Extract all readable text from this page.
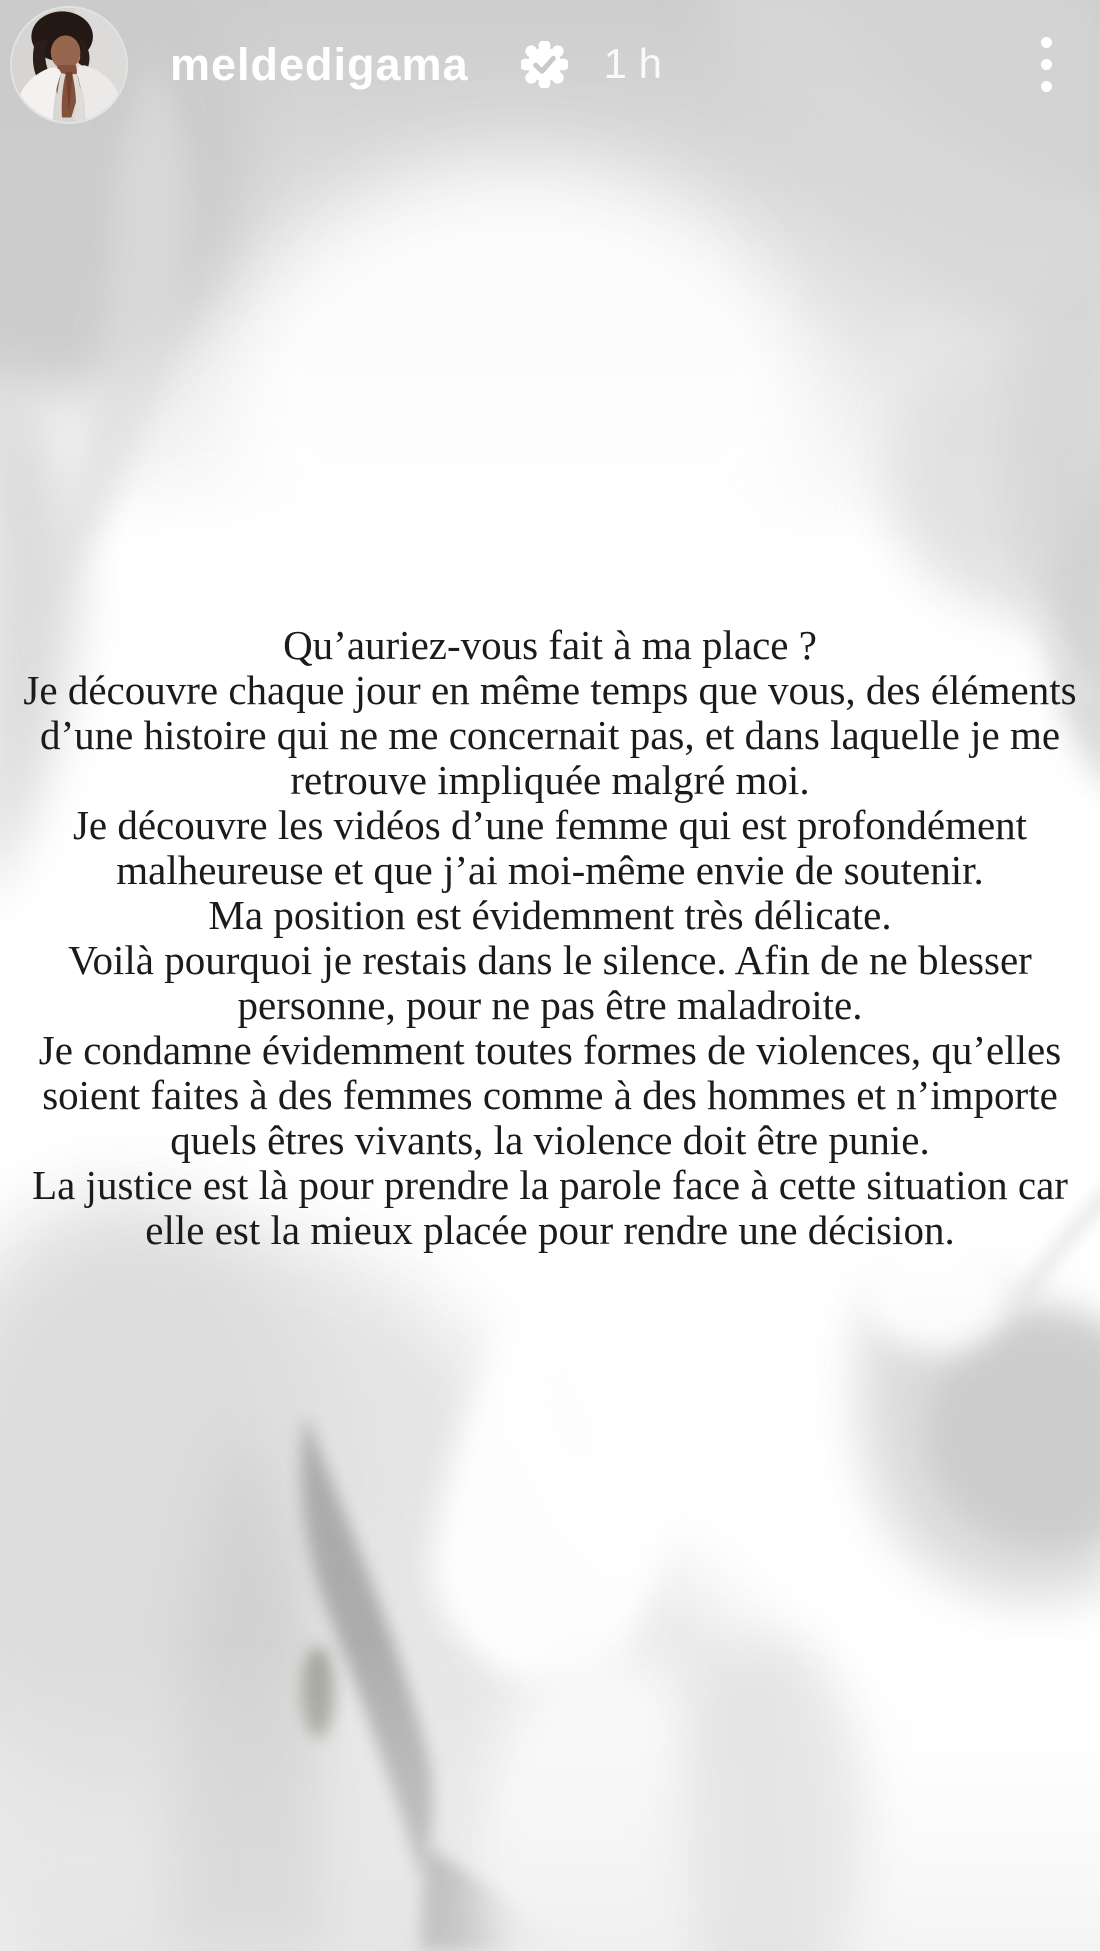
meldedigama	1 h
Qu’auriez-vous fait à ma place ?
Je découvre chaque jour en même temps que vous, des éléments
d’une histoire qui ne me concernait pas, et dans laquelle je me
retrouve impliquée malgré moi.
Je découvre les vidéos d’une femme qui est profondément
malheureuse et que j’ai moi-même envie de soutenir.
Ma position est évidemment très délicate.
Voilà pourquoi je restais dans le silence. Afin de ne blesser
personne, pour ne pas être maladroite.
Je condamne évidemment toutes formes de violences, qu’elles
soient faites à des femmes comme à des hommes et n’importe
quels êtres vivants, la violence doit être punie.
La justice est là pour prendre la parole face à cette situation car
elle est la mieux placée pour rendre une décision.
